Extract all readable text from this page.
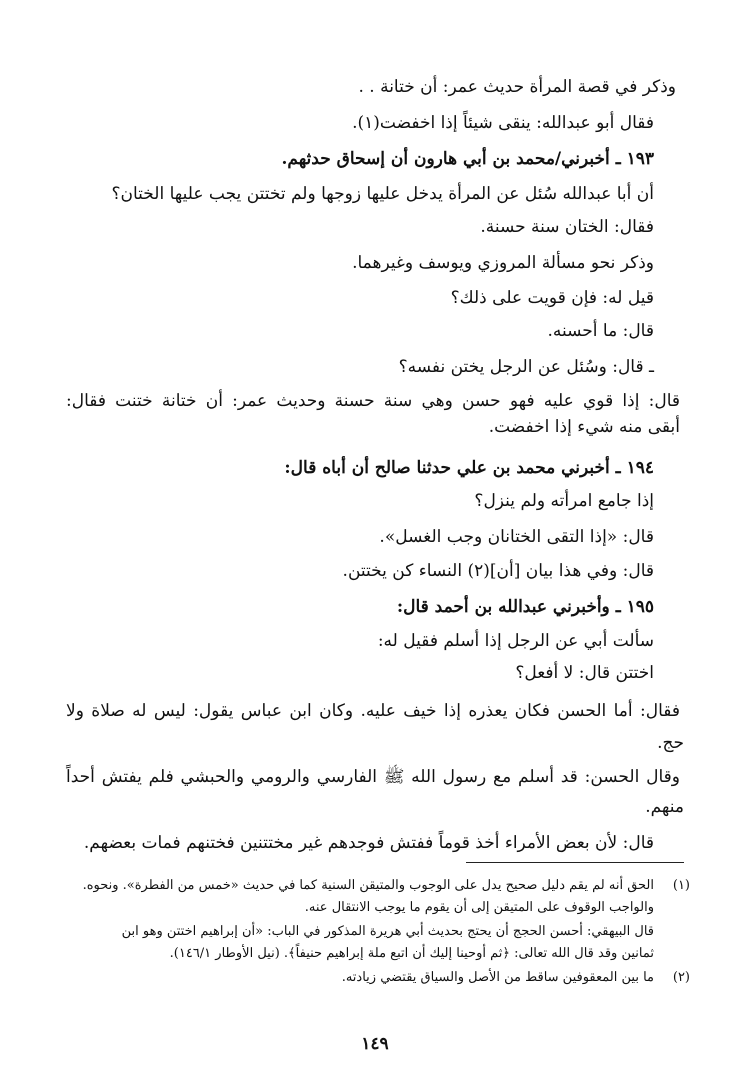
وذكر في قصة المرأة حديث عمر: أن ختانة . .
فقال أبو عبدالله: ينقى شيئاً إذا اخفضت(١).
١٩٣ ـ أخبرني/محمد بن أبي هارون أن إسحاق حدثهم.
أن أبا عبدالله سُئل عن المرأة يدخل عليها زوجها ولم تختتن يجب عليها الختان؟
فقال: الختان سنة حسنة.
وذكر نحو مسألة المروزي ويوسف وغيرهما.
قيل له: فإن قويت على ذلك؟
قال: ما أحسنه.
ـ قال: وسُئل عن الرجل يختن نفسه؟
قال: إذا قوي عليه فهو حسن وهي سنة حسنة وحديث عمر: أن ختانة ختنت فقال:
أبقى منه شيء إذا اخفضت.
١٩٤ ـ أخبرني محمد بن علي حدثنا صالح أن أباه قال:
إذا جامع امرأته ولم ينزل؟
قال: «إذا التقى الختانان وجب الغسل».
قال: وفي هذا بيان [أن](٢) النساء كن يختتن.
١٩٥ ـ وأخبرني عبدالله بن أحمد قال:
سألت أبي عن الرجل إذا أسلم فقيل له:
اختتن قال: لا أفعل؟
فقال: أما الحسن فكان يعذره إذا خيف عليه. وكان ابن عباس يقول: ليس له صلاة ولا
حج.
وقال الحسن: قد أسلم مع رسول الله ﷺ الفارسي والرومي والحبشي فلم يفتش أحداً
منهم.
قال: لأن بعض الأمراء أخذ قوماً ففتش فوجدهم غير مختتنين فختنهم فمات بعضهم.
(١)
الحق أنه لم يقم دليل صحيح يدل على الوجوب والمتيقن السنية كما في حديث «خمس من الفطرة». ونحوه.
والواجب الوقوف على المتيقن إلى أن يقوم ما يوجب الانتقال عنه.
قال البيهقي: أحسن الحجج أن يحتج بحديث أبي هريرة المذكور في الباب: «أن إبراهيم اختتن وهو ابن
ثمانين وقد قال الله تعالى: ﴿ثم أوحينا إليك أن اتبع ملة إبراهيم حنيفاً﴾. (نيل الأوطار ١٤٦/١).
(٢)
ما بين المعقوفين ساقط من الأصل والسياق يقتضي زيادته.
١٤٩
